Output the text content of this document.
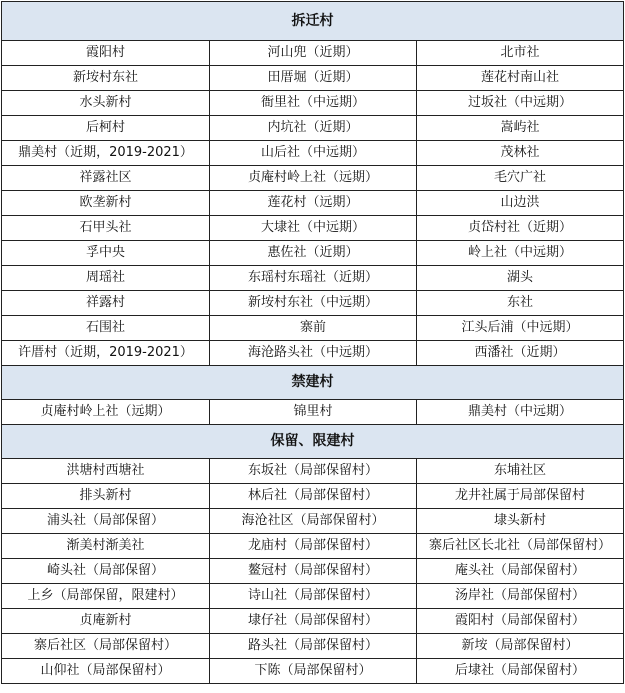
拆迁村		
霞阳村	河山兜（近期）	北市社
新垵村东社	田厝堀（近期）	莲花村南山社
水头新村	衙里社（中远期）	过坂社（中远期）
后柯村	内坑社（近期）	嵩屿社
鼎美村（近期，2019-2021）	山后社（中远期）	茂林社
祥露社区	贞庵村岭上社（远期）	毛穴广社
欧垄新村	莲花村（远期）	山边洪
石甲头社	大埭社（中远期）	贞岱村社（近期）
孚中央	惠佐社（近期）	岭上社（中远期）
周瑶社	东瑶村东瑶社（近期）	湖头
祥露村	新垵村东社（中远期）	东社
石围社	寨前	江头后浦（中远期）
许厝村（近期，2019-2021）	海沧路头社（中远期）	西潘社（近期）
禁建村		
贞庵村岭上社（远期）	锦里村	鼎美村（中远期）
保留、限建村		
洪塘村西塘社	东坂社（局部保留村）	东埔社区
排头新村	林后社（局部保留村）	龙井社属于局部保留村
浦头社（局部保留）	海沧社区（局部保留村）	埭头新村
渐美村渐美社	龙庙村（局部保留村）	寨后社区长北社（局部保留村）
崎头社（局部保留）	鳌冠村（局部保留村）	庵头社（局部保留村）
上乡（局部保留，限建村）	诗山社（局部保留村）	汤岸社（局部保留村）
贞庵新村	埭仔社（局部保留村）	霞阳村（局部保留村）
寨后社区（局部保留村）	路头社（局部保留村）	新垵（局部保留村）
山仰社（局部保留村）	下陈（局部保留村）	后埭社（局部保留村）
